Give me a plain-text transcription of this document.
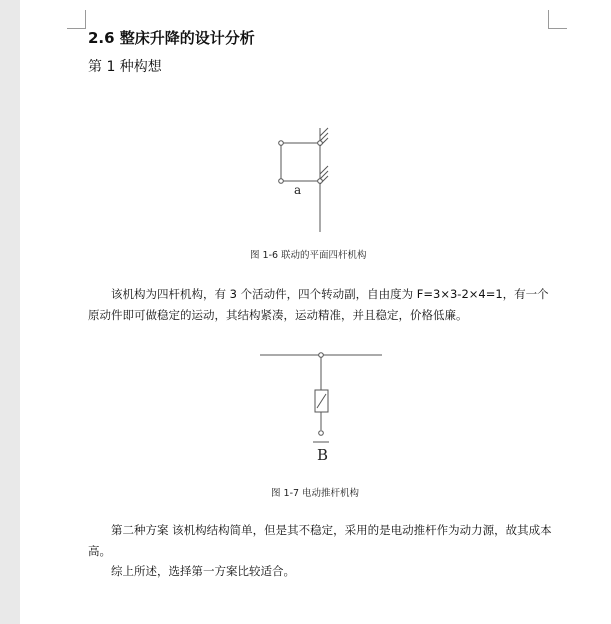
2.6 整床升降的设计分析
第 1 种构想
a
图 1-6 联动的平面四杆机构

该机构为四杆机构，有 3 个活动件，四个转动副，自由度为 F=3×3-2×4=1，有一个原动件即可做稳定的运动，其结构紧凑，运动精准，并且稳定，价格低廉。

B
图 1-7 电动推杆机构

第二种方案 该机构结构简单，但是其不稳定，采用的是电动推杆作为动力源，故其成本高。

综上所述，选择第一方案比较适合。
